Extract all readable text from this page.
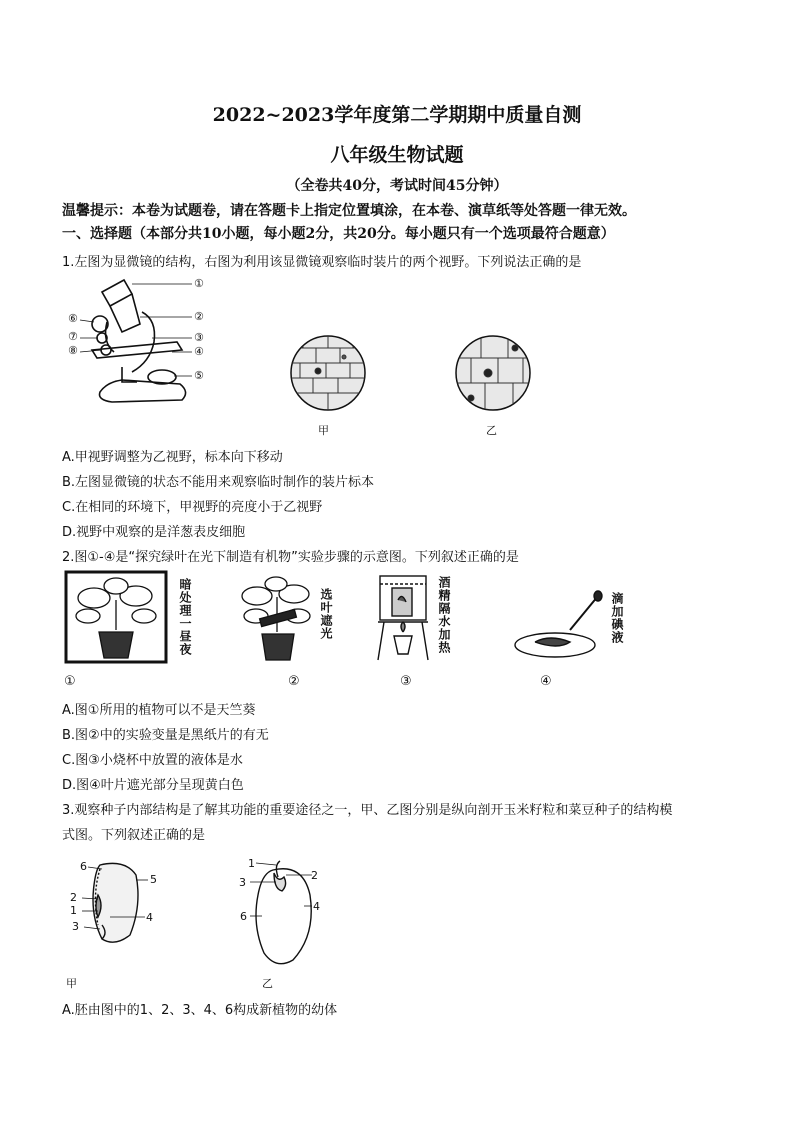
2022~2023学年度第二学期期中质量自测
八年级生物试题
（全卷共40分，考试时间45分钟）
温馨提示：本卷为试题卷，请在答题卡上指定位置填涂，在本卷、演草纸等处答题一律无效。
一、选择题（本部分共10小题，每小题2分，共20分。每小题只有一个选项最符合题意）
1.左图为显微镜的结构，右图为利用该显微镜观察临时装片的两个视野。下列说法正确的是
①
②
③
④
⑤
⑥
⑦
⑧
甲	乙
A.甲视野调整为乙视野，标本向下移动
B.左图显微镜的状态不能用来观察临时制作的装片标本
C.在相同的环境下，甲视野的亮度小于乙视野
D.视野中观察的是洋葱表皮细胞
2.图①-④是“探究绿叶在光下制造有机物”实验步骤的示意图。下列叙述正确的是
暗处理一昼夜	选叶遮光	酒精隔水加热	滴加碘液
①	②	③	④
A.图①所用的植物可以不是天竺葵
B.图②中的实验变量是黑纸片的有无
C.图③小烧杯中放置的液体是水
D.图④叶片遮光部分呈现黄白色
3.观察种子内部结构是了解其功能的重要途径之一，甲、乙图分别是纵向剖开玉米籽粒和菜豆种子的结构模
式图。下列叙述正确的是
6
5
2
1
4
3
1
2
3
6
4
甲	乙
A.胚由图中的1、2、3、4、6构成新植物的幼体
